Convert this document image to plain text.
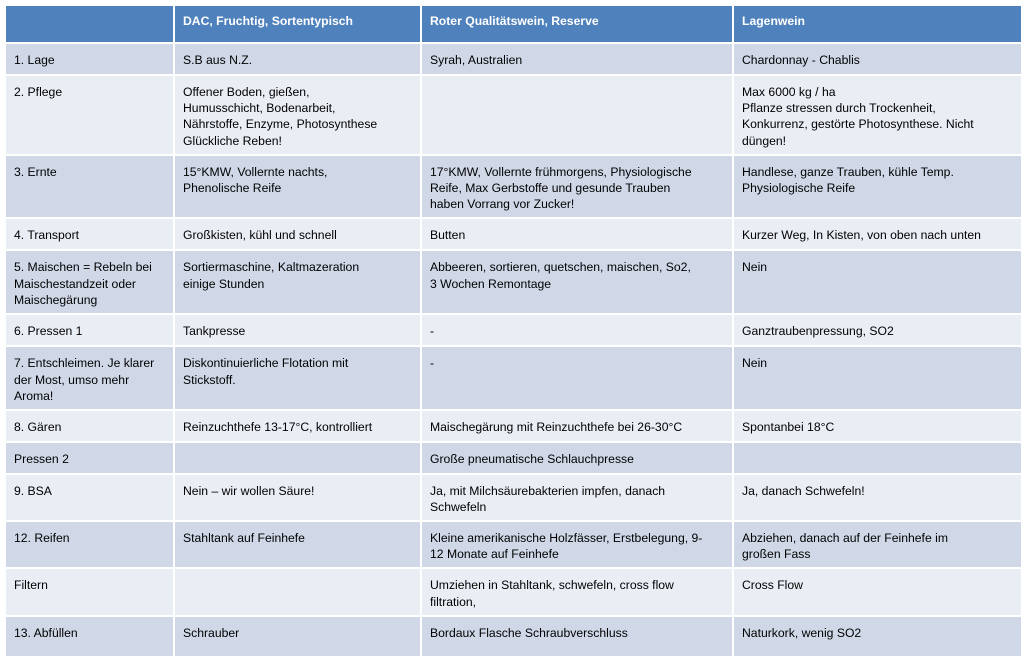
	DAC, Fruchtig, Sortentypisch	Roter Qualitätswein, Reserve	Lagenwein

1. Lage	S.B aus N.Z.	Syrah, Australien	Chardonnay - Chablis

2. Pflege	Offener Boden, gießen,
Humusschicht, Bodenarbeit,
Nährstoffe, Enzyme, Photosynthese
Glückliche Reben!		Max 6000 kg / ha
Pflanze stressen durch Trockenheit,
Konkurrenz, gestörte Photosynthese. Nicht
düngen!

3. Ernte	15°KMW, Vollernte nachts,
Phenolische Reife	17°KMW, Vollernte frühmorgens, Physiologische
Reife, Max Gerbstoffe und gesunde Trauben
haben Vorrang vor Zucker!	Handlese, ganze Trauben, kühle Temp.
Physiologische Reife

4. Transport	Großkisten, kühl und schnell	Butten	Kurzer Weg, In Kisten, von oben nach unten

5. Maischen = Rebeln bei
Maischestandzeit oder
Maischegärung	Sortiermaschine, Kaltmazeration
einige Stunden	Abbeeren, sortieren, quetschen, maischen, So2,
3 Wochen Remontage	Nein

6. Pressen 1	Tankpresse	-	Ganztraubenpressung, SO2

7. Entschleimen. Je klarer
der Most, umso mehr
Aroma!	Diskontinuierliche Flotation mit
Stickstoff.	-	Nein

8. Gären	Reinzuchthefe 13-17°C, kontrolliert	Maischegärung mit Reinzuchthefe bei 26-30°C	Spontanbei 18°C

Pressen 2		Große pneumatische Schlauchpresse	

9. BSA	Nein – wir wollen Säure!	Ja, mit Milchsäurebakterien impfen, danach
Schwefeln	Ja, danach Schwefeln!

12. Reifen	Stahltank auf Feinhefe	Kleine amerikanische Holzfässer, Erstbelegung, 9-
12 Monate auf Feinhefe	Abziehen, danach auf der Feinhefe im
großen Fass

Filtern		Umziehen in Stahltank, schwefeln, cross flow
filtration,	Cross Flow

13. Abfüllen	Schrauber	Bordaux Flasche Schraubverschluss	Naturkork, wenig SO2
